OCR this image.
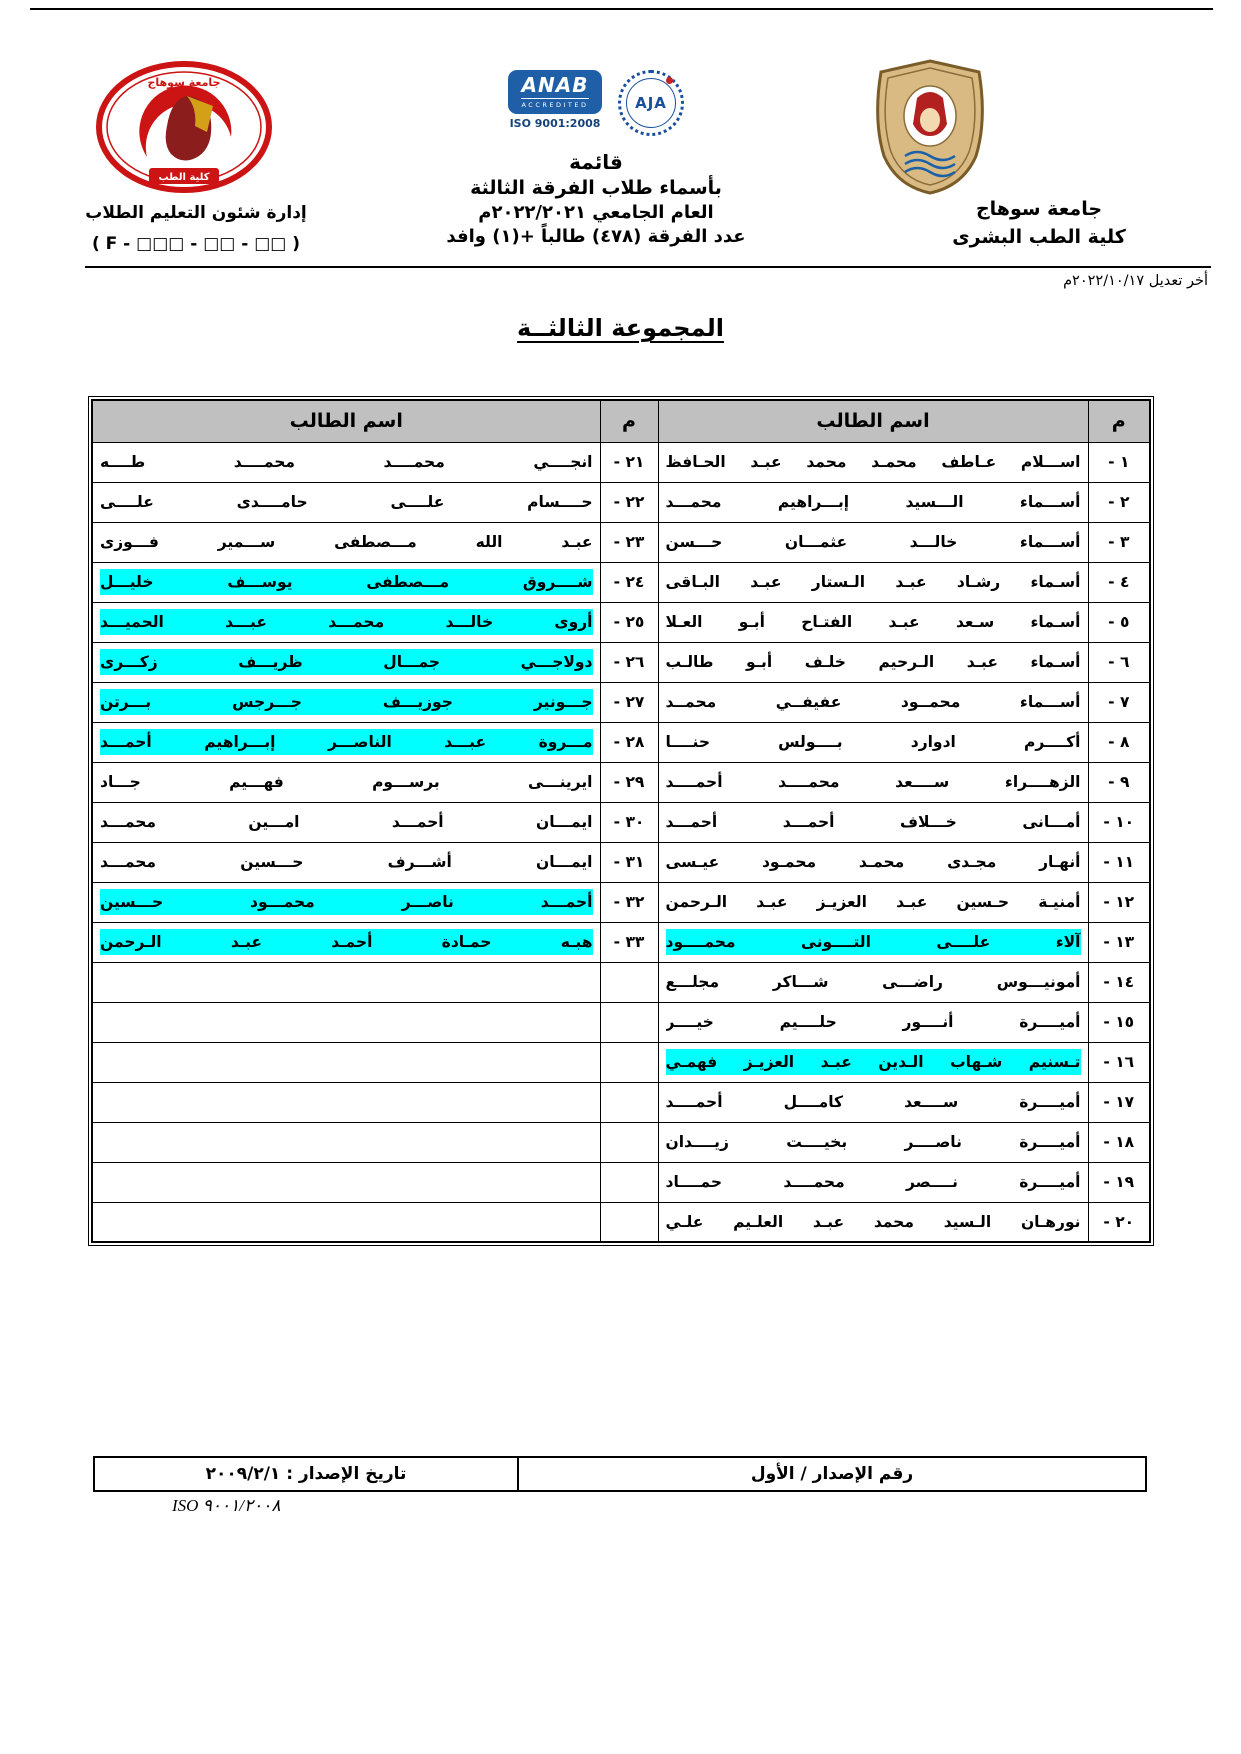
جامعة سوهاج
كلية الطب
إدارة شئون التعليم الطلاب
( F - □□□ - □□ - □□ )
ANAB
ACCREDITED
ISO 9001:2008
AJA
قائمة
بأسماء طلاب الفرقة الثالثة
العام الجامعي ٢٠٢٢/٢٠٢١م
عدد الفرقة (٤٧٨) طالباً +(١) وافد
جامعة سوهاج
كلية الطب البشرى
أخر تعديل ٢٠٢٢/١٠/١٧م
المجموعة الثالثــة
م	اسم الطالب	م	اسم الطالب
١ -	اســـلام عـاطف محمـد محمد عبـد الحـافظ	٢١ -	انجــــي محمــــد محمــــد طــــه

٢ -	أســـماء الـــسيد إبـــراهيم محمـــد	٢٢ -	حــــسام علــــى حامــــدى علــــى

٣ -	أســـماء خالـــد عثمـــان حـــسن	٢٣ -	عبـد الله مـــصطفى ســـمير فـــوزى

٤ -	أسـماء رشـاد عبـد الـستار عبـد البـاقى	٢٤ -	شــــروق مـــصطفى يوســـف خليـــل

٥ -	أسـماء سـعد عبـد الفتـاح أبـو العـلا	٢٥ -	أروى خالـــد محمـــد عبـــد الحميـــد

٦ -	أسـماء عبـد الـرحيم خلـف أبـو طالـب	٢٦ -	دولاجـــي جمـــال ظريـــف زكـــرى

٧ -	أســـماء محمــود عفيفــي محمــد	٢٧ -	جـــونير جوزيـــف جـــرجس بـــرتن

٨ -	أكــــرم ادوارد بــــولس حنــــا	٢٨ -	مـــروة عبـــد الناصـــر إبـــراهيم أحمـــد

٩ -	الزهــــراء ســــعد محمــــد أحمــــد	٢٩ -	ايرينـــى برســـوم فهـــيم جـــاد

١٠ -	أمـــانى خـــلاف أحمـــد أحمـــد	٣٠ -	ايمـــان أحمـــد امـــين محمـــد

١١ -	أنهـار مجـدى محمـد محمـود عيـسى	٣١ -	ايمـــان أشـــرف حـــسين محمـــد

١٢ -	أمنيـة حـسين عبـد العزيـز عبـد الـرحمن	٣٢ -	أحمـــد ناصـــر محمـــود حـــسين

١٣ -	آلاء علــــى التــــونى محمــــود	٣٣ -	هبـه حمـادة أحمـد عبـد الـرحمن

١٤ -	أمونيـــوس راضـــى شـــاكر مجلـــع		

١٥ -	أميــــرة أنــــور حلــــيم خيــــر		

١٦ -	تـسنيم شـهاب الـدين عبـد العزيـز فهمـي		

١٧ -	أميــــرة ســــعد كامــــل أحمــــد		

١٨ -	أميــــرة ناصــــر بخيــــت زيــــدان		

١٩ -	أميــــرة نــــصر محمــــد حمــــاد		

٢٠ -	نورهـان الـسيد محمد عبـد العلـيم علـي		

رقم الإصدار / الأول
تاريخ الإصدار : ٢٠٠٩/٢/١
ISO ٩٠٠١/٢٠٠٨
